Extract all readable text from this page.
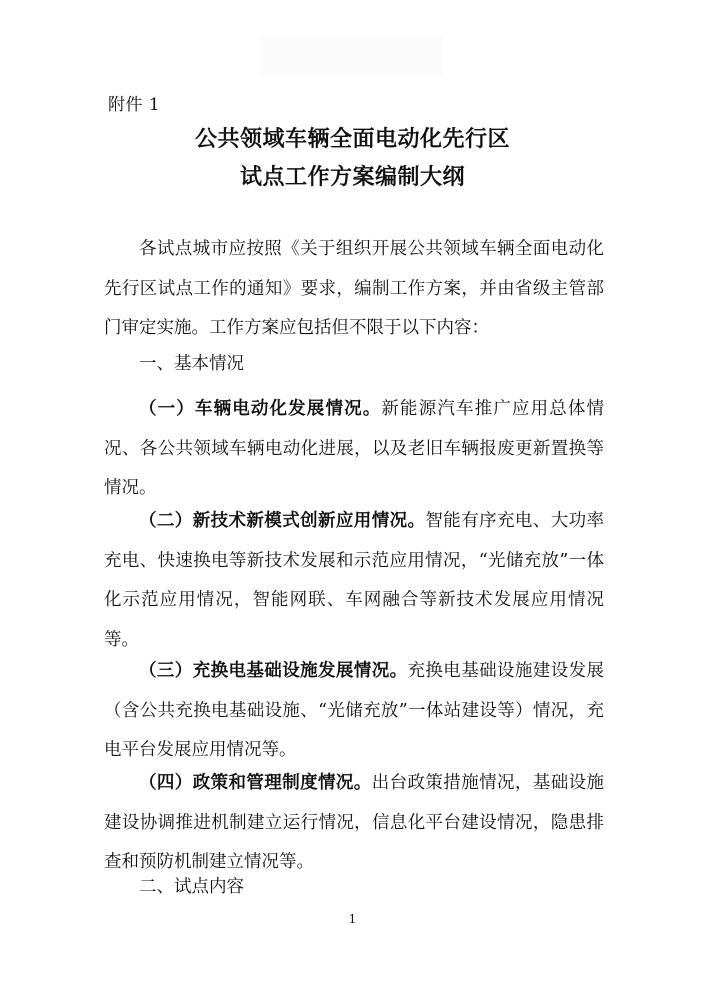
附件 1
公共领域车辆全面电动化先行区
试点工作方案编制大纲
各试点城市应按照《关于组织开展公共领域车辆全面电动化先行区试点工作的通知》要求，编制工作方案，并由省级主管部门审定实施。工作方案应包括但不限于以下内容：
一、基本情况
（一）车辆电动化发展情况。新能源汽车推广应用总体情况、各公共领域车辆电动化进展，以及老旧车辆报废更新置换等情况。
（二）新技术新模式创新应用情况。智能有序充电、大功率充电、快速换电等新技术发展和示范应用情况，“光储充放”一体化示范应用情况，智能网联、车网融合等新技术发展应用情况等。
（三）充换电基础设施发展情况。充换电基础设施建设发展（含公共充换电基础设施、“光储充放”一体站建设等）情况，充电平台发展应用情况等。
（四）政策和管理制度情况。出台政策措施情况，基础设施建设协调推进机制建立运行情况，信息化平台建设情况，隐患排查和预防机制建立情况等。
二、试点内容
1
